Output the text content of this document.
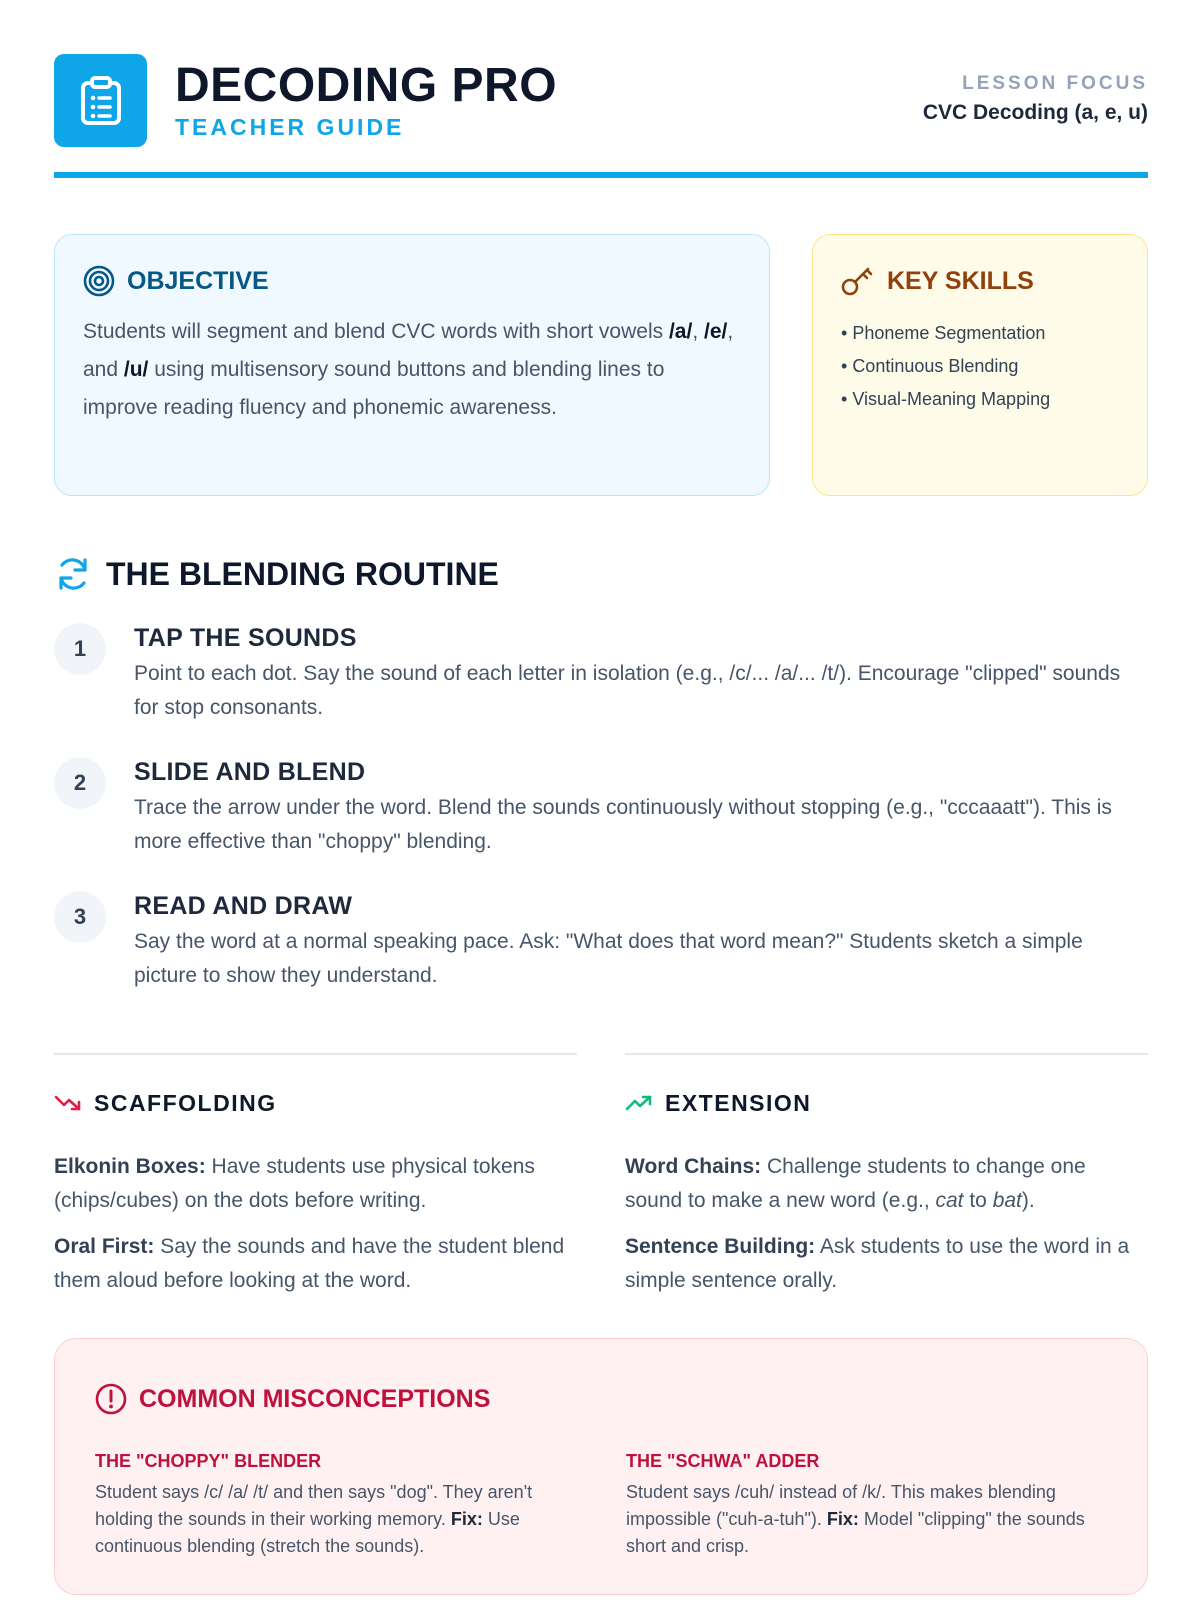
DECODING PRO
TEACHER GUIDE
LESSON FOCUS
CVC Decoding (a, e, u)
OBJECTIVE

Students will segment and blend CVC words with short vowels /a/, /e/, and /u/ using multisensory sound buttons and blending lines to improve reading fluency and phonemic awareness.

KEY SKILLS
• Phoneme Segmentation
• Continuous Blending
• Visual-Meaning Mapping
THE BLENDING ROUTINE
1	TAP THE SOUNDS
Point to each dot. Say the sound of each letter in isolation (e.g., /c/... /a/... /t/). Encourage "clipped" sounds for stop consonants.
2	SLIDE AND BLEND
Trace the arrow under the word. Blend the sounds continuously without stopping (e.g., "cccaaatt"). This is more effective than "choppy" blending.
3	READ AND DRAW
Say the word at a normal speaking pace. Ask: "What does that word mean?" Students sketch a simple picture to show they understand.
SCAFFOLDING

Elkonin Boxes: Have students use physical tokens (chips/cubes) on the dots before writing.

Oral First: Say the sounds and have the student blend them aloud before looking at the word.

EXTENSION

Word Chains: Challenge students to change one sound to make a new word (e.g., cat to bat).

Sentence Building: Ask students to use the word in a simple sentence orally.

COMMON MISCONCEPTIONS
THE "CHOPPY" BLENDER

Student says /c/ /a/ /t/ and then says "dog". They aren't holding the sounds in their working memory. Fix: Use continuous blending (stretch the sounds).

THE "SCHWA" ADDER

Student says /cuh/ instead of /k/. This makes blending impossible ("cuh-a-tuh"). Fix: Model "clipping" the sounds short and crisp.
